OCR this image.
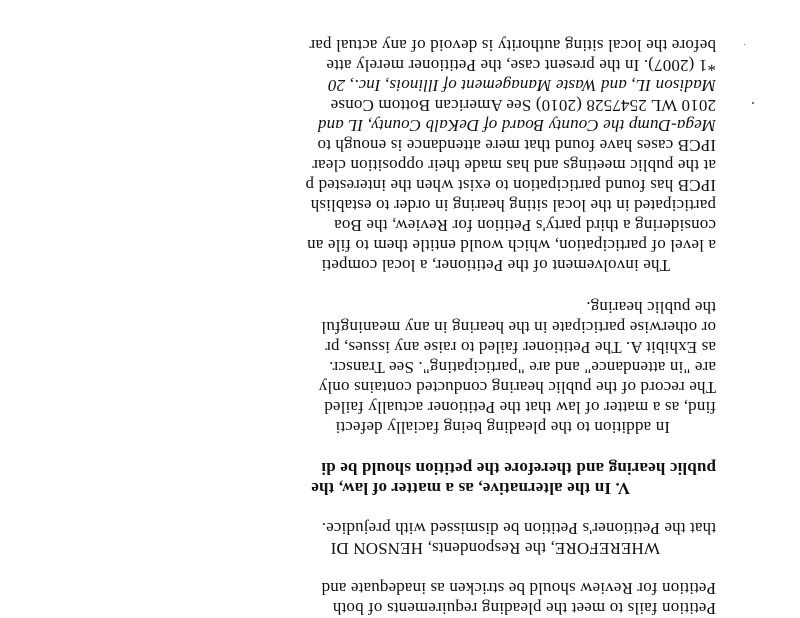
Petition fails to meet the pleading requirements of both
Petition for Review should be stricken as inadequate and
WHEREFORE, the Respondents, HENSON DI
that the Petitioner's Petition be dismissed with prejudice.
V. In the alternative, as a matter of law, the
public hearing and therefore the petition should be di
In addition to the pleading being facially defecti
find, as a matter of law that the Petitioner actually failed
The record of the public hearing conducted contains only
are "in attendance" and are "participating". See Transcr.
as Exhibit A. The Petitioner failed to raise any issues, pr
or otherwise participate in the hearing in any meaningful
the public hearing.
The involvement of the Petitioner, a local competi
a level of participation, which would entitle them to file an
considering a third party's Petition for Review, the Boa
participated in the local siting hearing in order to establish
IPCB has found participation to exist when the interested p
at the public meetings and has made their opposition clear
IPCB cases have found that mere attendance is enough to
Mega-Dump the County Board of DeKalb County, IL and
2010 WL 2547528 (2010) See American Bottom Conse
Madison IL, and Waste Management of Illinois, Inc., 20
*1 (2007). In the present case, the Petitioner merely atte
before the local siting authority is devoid of any actual par
